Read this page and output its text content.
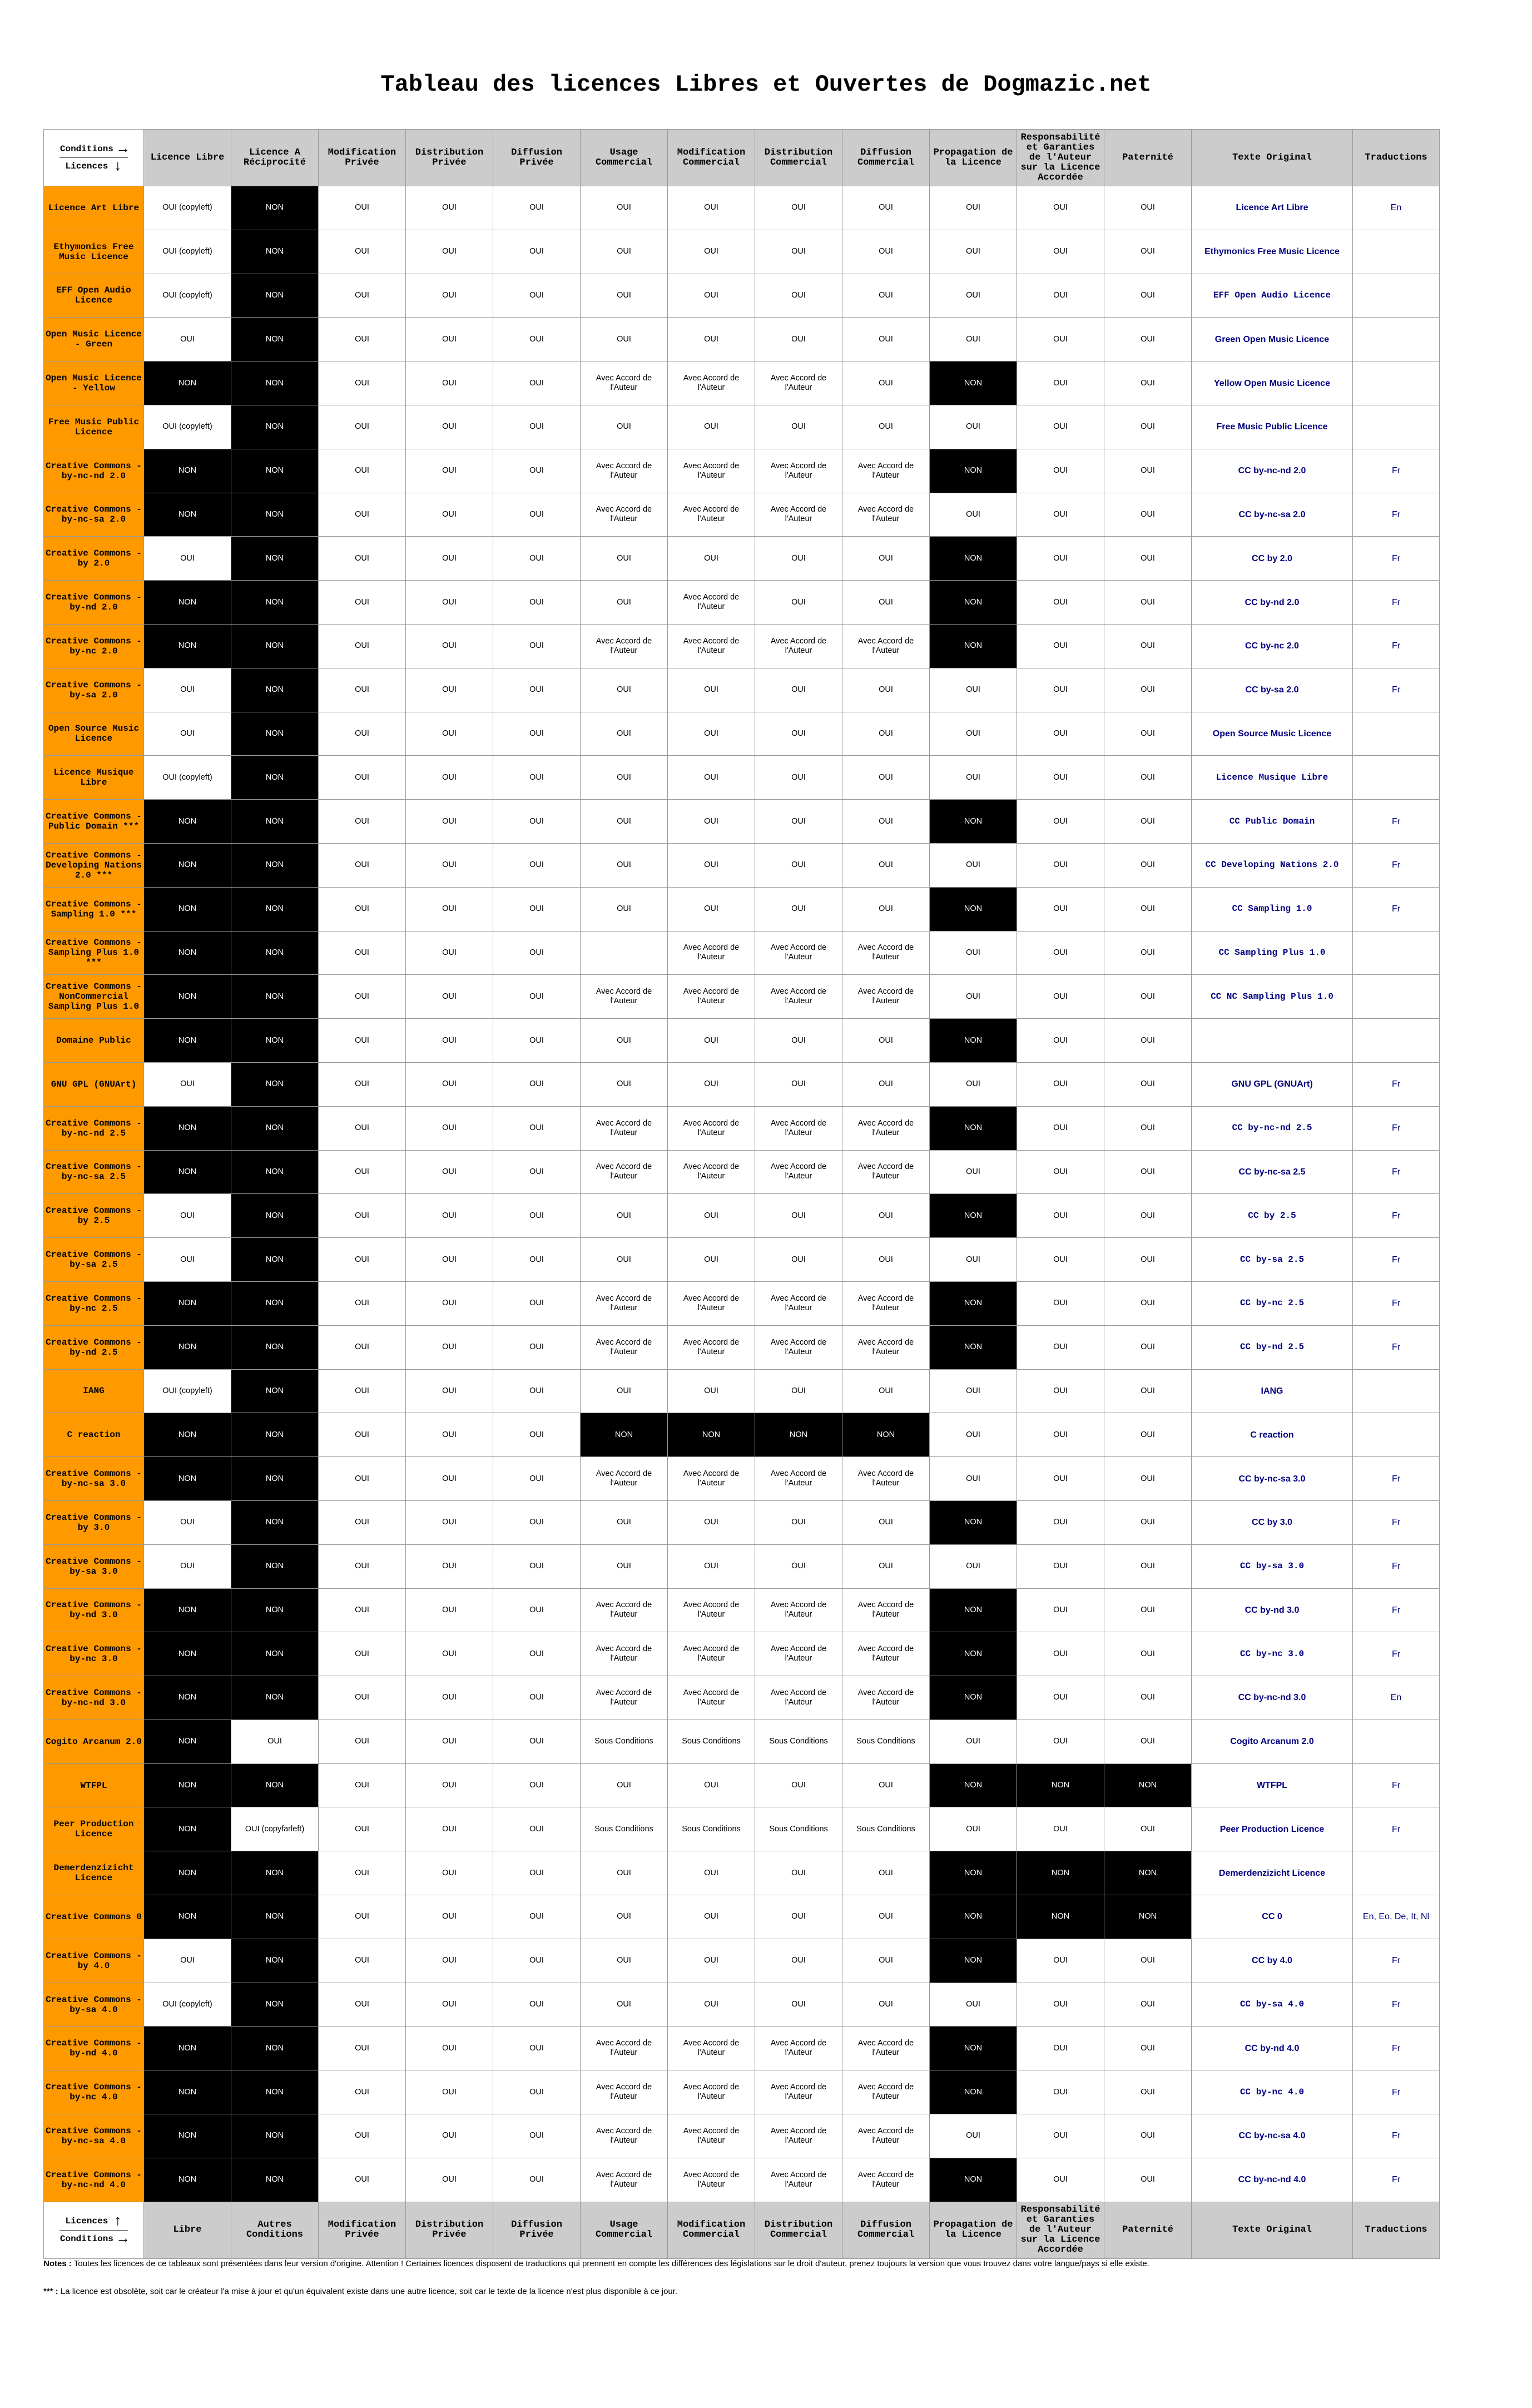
Tableau des licences Libres et Ouvertes de Dogmazic.net
Conditions →
Licences ↓	Licence Libre	Licence A Réciprocité	Modification Privée	Distribution Privée	Diffusion Privée	Usage Commercial	Modification Commercial	Distribution Commercial	Diffusion Commercial	Propagation de la Licence	Responsabilité et Garanties de l'Auteur sur la Licence Accordée	Paternité	Texte Original	Traductions
Licence Art Libre	OUI (copyleft)	NON	OUI	OUI	OUI	OUI	OUI	OUI	OUI	OUI	OUI	OUI	Licence Art Libre	En
Ethymonics Free Music Licence	OUI (copyleft)	NON	OUI	OUI	OUI	OUI	OUI	OUI	OUI	OUI	OUI	OUI	Ethymonics Free Music Licence	
EFF Open Audio Licence	OUI (copyleft)	NON	OUI	OUI	OUI	OUI	OUI	OUI	OUI	OUI	OUI	OUI	EFF Open Audio Licence	
Open Music Licence - Green	OUI	NON	OUI	OUI	OUI	OUI	OUI	OUI	OUI	OUI	OUI	OUI	Green Open Music Licence	
Open Music Licence - Yellow	NON	NON	OUI	OUI	OUI	Avec Accord de l'Auteur	Avec Accord de l'Auteur	Avec Accord de l'Auteur	OUI	NON	OUI	OUI	Yellow Open Music Licence	
Free Music Public Licence	OUI (copyleft)	NON	OUI	OUI	OUI	OUI	OUI	OUI	OUI	OUI	OUI	OUI	Free Music Public Licence	
Creative Commons - by-nc-nd 2.0	NON	NON	OUI	OUI	OUI	Avec Accord de l'Auteur	Avec Accord de l'Auteur	Avec Accord de l'Auteur	Avec Accord de l'Auteur	NON	OUI	OUI	CC by-nc-nd 2.0	Fr
Creative Commons - by-nc-sa 2.0	NON	NON	OUI	OUI	OUI	Avec Accord de l'Auteur	Avec Accord de l'Auteur	Avec Accord de l'Auteur	Avec Accord de l'Auteur	OUI	OUI	OUI	CC by-nc-sa 2.0	Fr
Creative Commons - by 2.0	OUI	NON	OUI	OUI	OUI	OUI	OUI	OUI	OUI	NON	OUI	OUI	CC by 2.0	Fr
Creative Commons - by-nd 2.0	NON	NON	OUI	OUI	OUI	OUI	Avec Accord de l'Auteur	OUI	OUI	NON	OUI	OUI	CC by-nd 2.0	Fr
Creative Commons - by-nc 2.0	NON	NON	OUI	OUI	OUI	Avec Accord de l'Auteur	Avec Accord de l'Auteur	Avec Accord de l'Auteur	Avec Accord de l'Auteur	NON	OUI	OUI	CC by-nc 2.0	Fr
Creative Commons - by-sa 2.0	OUI	NON	OUI	OUI	OUI	OUI	OUI	OUI	OUI	OUI	OUI	OUI	CC by-sa 2.0	Fr
Open Source Music Licence	OUI	NON	OUI	OUI	OUI	OUI	OUI	OUI	OUI	OUI	OUI	OUI	Open Source Music Licence	
Licence Musique Libre	OUI (copyleft)	NON	OUI	OUI	OUI	OUI	OUI	OUI	OUI	OUI	OUI	OUI	Licence Musique Libre	
Creative Commons - Public Domain ***	NON	NON	OUI	OUI	OUI	OUI	OUI	OUI	OUI	NON	OUI	OUI	CC Public Domain	Fr
Creative Commons - Developing Nations 2.0 ***	NON	NON	OUI	OUI	OUI	OUI	OUI	OUI	OUI	OUI	OUI	OUI	CC Developing Nations 2.0	Fr
Creative Commons - Sampling 1.0 ***	NON	NON	OUI	OUI	OUI	OUI	OUI	OUI	OUI	NON	OUI	OUI	CC Sampling 1.0	Fr
Creative Commons - Sampling Plus 1.0 ***	NON	NON	OUI	OUI	OUI		Avec Accord de l'Auteur	Avec Accord de l'Auteur	Avec Accord de l'Auteur	OUI	OUI	OUI	CC Sampling Plus 1.0	
Creative Commons - NonCommercial Sampling Plus 1.0	NON	NON	OUI	OUI	OUI	Avec Accord de l'Auteur	Avec Accord de l'Auteur	Avec Accord de l'Auteur	Avec Accord de l'Auteur	OUI	OUI	OUI	CC NC Sampling Plus 1.0	
Domaine Public	NON	NON	OUI	OUI	OUI	OUI	OUI	OUI	OUI	NON	OUI	OUI		
GNU GPL (GNUArt)	OUI	NON	OUI	OUI	OUI	OUI	OUI	OUI	OUI	OUI	OUI	OUI	GNU GPL (GNUArt)	Fr
Creative Commons - by-nc-nd 2.5	NON	NON	OUI	OUI	OUI	Avec Accord de l'Auteur	Avec Accord de l'Auteur	Avec Accord de l'Auteur	Avec Accord de l'Auteur	NON	OUI	OUI	CC by-nc-nd 2.5	Fr
Creative Commons - by-nc-sa 2.5	NON	NON	OUI	OUI	OUI	Avec Accord de l'Auteur	Avec Accord de l'Auteur	Avec Accord de l'Auteur	Avec Accord de l'Auteur	OUI	OUI	OUI	CC by-nc-sa 2.5	Fr
Creative Commons - by 2.5	OUI	NON	OUI	OUI	OUI	OUI	OUI	OUI	OUI	NON	OUI	OUI	CC by 2.5	Fr
Creative Commons - by-sa 2.5	OUI	NON	OUI	OUI	OUI	OUI	OUI	OUI	OUI	OUI	OUI	OUI	CC by-sa 2.5	Fr
Creative Commons - by-nc 2.5	NON	NON	OUI	OUI	OUI	Avec Accord de l'Auteur	Avec Accord de l'Auteur	Avec Accord de l'Auteur	Avec Accord de l'Auteur	NON	OUI	OUI	CC by-nc 2.5	Fr
Creative Commons - by-nd 2.5	NON	NON	OUI	OUI	OUI	Avec Accord de l'Auteur	Avec Accord de l'Auteur	Avec Accord de l'Auteur	Avec Accord de l'Auteur	NON	OUI	OUI	CC by-nd 2.5	Fr
IANG	OUI (copyleft)	NON	OUI	OUI	OUI	OUI	OUI	OUI	OUI	OUI	OUI	OUI	IANG	
C reaction	NON	NON	OUI	OUI	OUI	NON	NON	NON	NON	OUI	OUI	OUI	C reaction	
Creative Commons - by-nc-sa 3.0	NON	NON	OUI	OUI	OUI	Avec Accord de l'Auteur	Avec Accord de l'Auteur	Avec Accord de l'Auteur	Avec Accord de l'Auteur	OUI	OUI	OUI	CC by-nc-sa 3.0	Fr
Creative Commons - by 3.0	OUI	NON	OUI	OUI	OUI	OUI	OUI	OUI	OUI	NON	OUI	OUI	CC by 3.0	Fr
Creative Commons - by-sa 3.0	OUI	NON	OUI	OUI	OUI	OUI	OUI	OUI	OUI	OUI	OUI	OUI	CC by-sa 3.0	Fr
Creative Commons - by-nd 3.0	NON	NON	OUI	OUI	OUI	Avec Accord de l'Auteur	Avec Accord de l'Auteur	Avec Accord de l'Auteur	Avec Accord de l'Auteur	NON	OUI	OUI	CC by-nd 3.0	Fr
Creative Commons - by-nc 3.0	NON	NON	OUI	OUI	OUI	Avec Accord de l'Auteur	Avec Accord de l'Auteur	Avec Accord de l'Auteur	Avec Accord de l'Auteur	NON	OUI	OUI	CC by-nc 3.0	Fr
Creative Commons - by-nc-nd 3.0	NON	NON	OUI	OUI	OUI	Avec Accord de l'Auteur	Avec Accord de l'Auteur	Avec Accord de l'Auteur	Avec Accord de l'Auteur	NON	OUI	OUI	CC by-nc-nd 3.0	En
Cogito Arcanum 2.0	NON	OUI	OUI	OUI	OUI	Sous Conditions	Sous Conditions	Sous Conditions	Sous Conditions	OUI	OUI	OUI	Cogito Arcanum 2.0	
WTFPL	NON	NON	OUI	OUI	OUI	OUI	OUI	OUI	OUI	NON	NON	NON	WTFPL	Fr
Peer Production Licence	NON	OUI (copyfarleft)	OUI	OUI	OUI	Sous Conditions	Sous Conditions	Sous Conditions	Sous Conditions	OUI	OUI	OUI	Peer Production Licence	Fr
Demerdenzizicht Licence	NON	NON	OUI	OUI	OUI	OUI	OUI	OUI	OUI	NON	NON	NON	Demerdenzizicht Licence	
Creative Commons 0	NON	NON	OUI	OUI	OUI	OUI	OUI	OUI	OUI	NON	NON	NON	CC 0	En, Eo, De, It, Nl
Creative Commons - by 4.0	OUI	NON	OUI	OUI	OUI	OUI	OUI	OUI	OUI	NON	OUI	OUI	CC by 4.0	Fr
Creative Commons - by-sa 4.0	OUI (copyleft)	NON	OUI	OUI	OUI	OUI	OUI	OUI	OUI	OUI	OUI	OUI	CC by-sa 4.0	Fr
Creative Commons - by-nd 4.0	NON	NON	OUI	OUI	OUI	Avec Accord de l'Auteur	Avec Accord de l'Auteur	Avec Accord de l'Auteur	Avec Accord de l'Auteur	NON	OUI	OUI	CC by-nd 4.0	Fr
Creative Commons - by-nc 4.0	NON	NON	OUI	OUI	OUI	Avec Accord de l'Auteur	Avec Accord de l'Auteur	Avec Accord de l'Auteur	Avec Accord de l'Auteur	NON	OUI	OUI	CC by-nc 4.0	Fr
Creative Commons - by-nc-sa 4.0	NON	NON	OUI	OUI	OUI	Avec Accord de l'Auteur	Avec Accord de l'Auteur	Avec Accord de l'Auteur	Avec Accord de l'Auteur	OUI	OUI	OUI	CC by-nc-sa 4.0	Fr
Creative Commons - by-nc-nd 4.0	NON	NON	OUI	OUI	OUI	Avec Accord de l'Auteur	Avec Accord de l'Auteur	Avec Accord de l'Auteur	Avec Accord de l'Auteur	NON	OUI	OUI	CC by-nc-nd 4.0	Fr

Licences ↑
Conditions →	Libre	Autres Conditions	Modification Privée	Distribution Privée	Diffusion Privée	Usage Commercial	Modification Commercial	Distribution Commercial	Diffusion Commercial	Propagation de la Licence	Responsabilité et Garanties de l'Auteur sur la Licence Accordée	Paternité	Texte Original	Traductions
Notes : Toutes les licences de ce tableaux sont présentées dans leur version d'origine. Attention ! Certaines licences disposent de traductions qui prennent en compte les différences des législations sur le droit d'auteur, prenez toujours la version que vous trouvez dans votre langue/pays si elle existe.
*** : La licence est obsolète, soit car le créateur l'a mise à jour et qu'un équivalent existe dans une autre licence, soit car le texte de la licence n'est plus disponible à ce jour.
